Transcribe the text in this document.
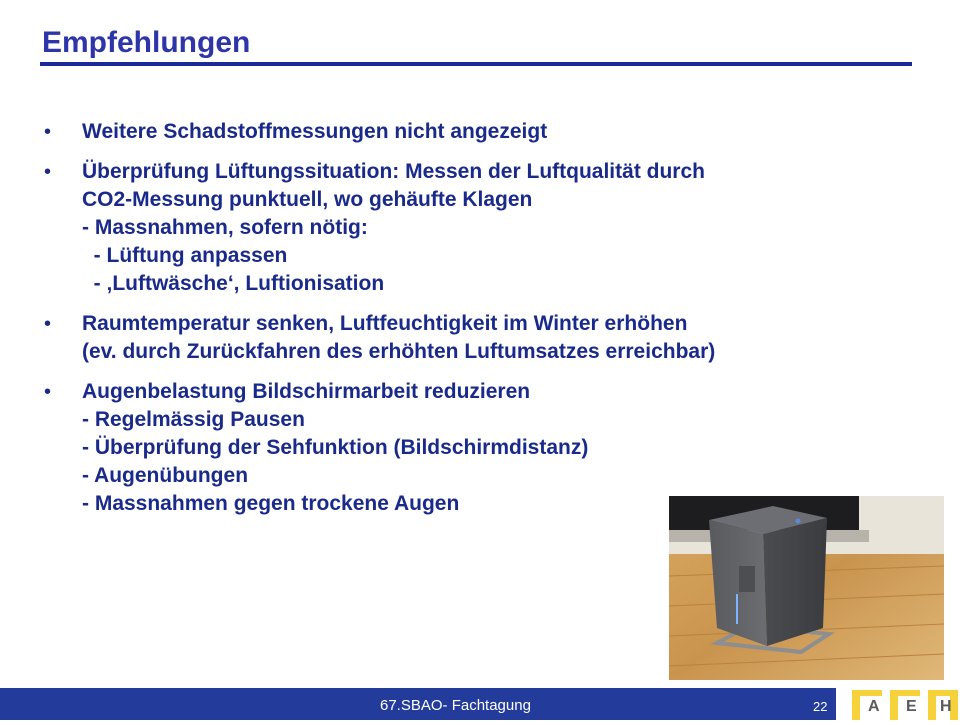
Empfehlungen
• Weitere Schadstoffmessungen nicht angezeigt
• Überprüfung Lüftungssituation: Messen der Luftqualität durch
CO2-Messung punktuell, wo gehäufte Klagen
- Massnahmen, sofern nötig:
- Lüftung anpassen
- ‚Luftwäsche‘, Luftionisation
• Raumtemperatur senken, Luftfeuchtigkeit im Winter erhöhen
(ev. durch Zurückfahren des erhöhten Luftumsatzes erreichbar)
• Augenbelastung Bildschirmarbeit reduzieren
- Regelmässig Pausen
- Überprüfung der Sehfunktion (Bildschirmdistanz)
- Augenübungen
- Massnahmen gegen trockene Augen
67.SBAO- Fachtagung	22	A E H
